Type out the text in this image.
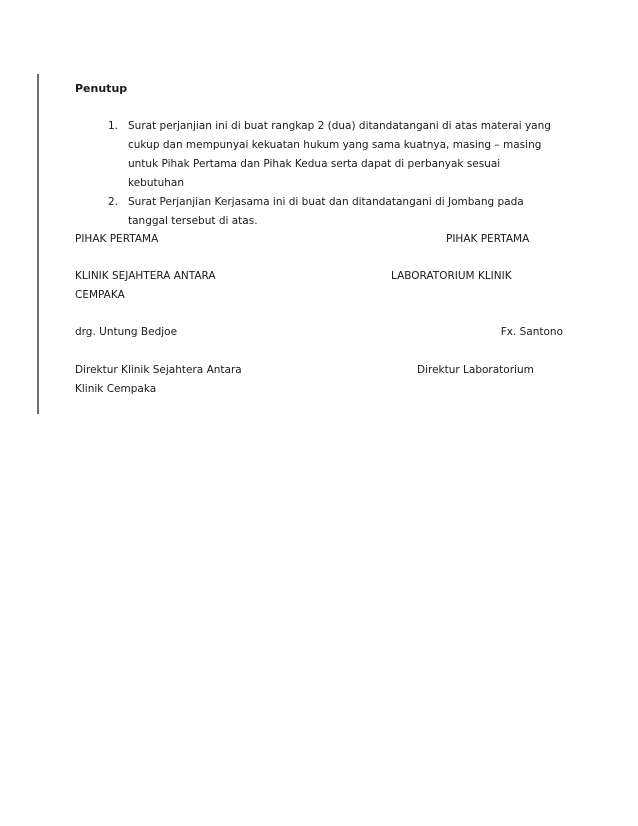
Penutup
1. Surat perjanjian ini di buat rangkap 2 (dua) ditandatangani di atas materai yang cukup dan mempunyai kekuatan hukum yang sama kuatnya, masing – masing untuk Pihak Pertama dan Pihak Kedua serta dapat di perbanyak sesuai kebutuhan
2. Surat Perjanjian Kerjasama ini di buat dan ditandatangani di Jombang pada tanggal tersebut di atas.
PIHAK PERTAMA	PIHAK PERTAMA
KLINIK SEJAHTERA ANTARA	LABORATORIUM KLINIK
CEMPAKA
drg. Untung Bedjoe	Fx. Santono
Direktur Klinik Sejahtera Antara	Direktur Laboratorium
Klinik Cempaka
